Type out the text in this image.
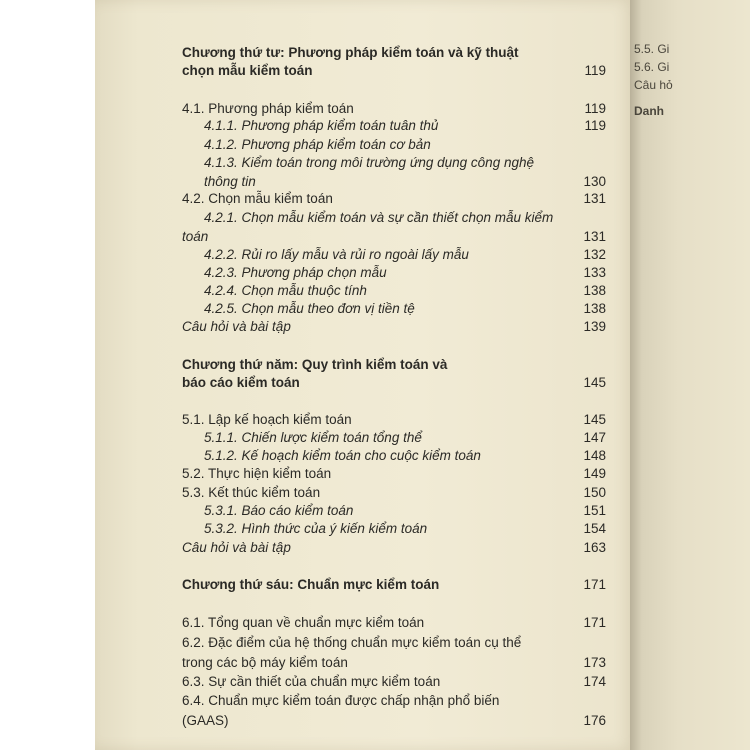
5.5. Gi
5.6. Gi
Câu hỏ
Danh
Chương thứ tư: Phương pháp kiểm toán và kỹ thuật
chọn mẫu kiểm toán	119
4.1. Phương pháp kiểm toán	119
4.1.1. Phương pháp kiểm toán tuân thủ	119
4.1.2. Phương pháp kiểm toán cơ bản
4.1.3. Kiểm toán trong môi trường ứng dụng công nghệ
thông tin	130
4.2. Chọn mẫu kiểm toán	131
4.2.1. Chọn mẫu kiểm toán và sự cần thiết chọn mẫu kiểm
toán	131
4.2.2. Rủi ro lấy mẫu và rủi ro ngoài lấy mẫu	132
4.2.3. Phương pháp chọn mẫu	133
4.2.4. Chọn mẫu thuộc tính	138
4.2.5. Chọn mẫu theo đơn vị tiền tệ	138
Câu hỏi và bài tập	139
Chương thứ năm: Quy trình kiểm toán và
báo cáo kiểm toán	145
5.1. Lập kế hoạch kiểm toán	145
5.1.1. Chiến lược kiểm toán tổng thể	147
5.1.2. Kế hoạch kiểm toán cho cuộc kiểm toán	148
5.2. Thực hiện kiểm toán	149
5.3. Kết thúc kiểm toán	150
5.3.1. Báo cáo kiểm toán	151
5.3.2. Hình thức của ý kiến kiểm toán	154
Câu hỏi và bài tập	163
Chương thứ sáu: Chuẩn mực kiểm toán	171
6.1. Tổng quan về chuẩn mực kiểm toán	171
6.2. Đặc điểm của hệ thống chuẩn mực kiểm toán cụ thể
trong các bộ máy kiểm toán	173
6.3. Sự cần thiết của chuẩn mực kiểm toán	174
6.4. Chuẩn mực kiểm toán được chấp nhận phổ biến
(GAAS)	176
